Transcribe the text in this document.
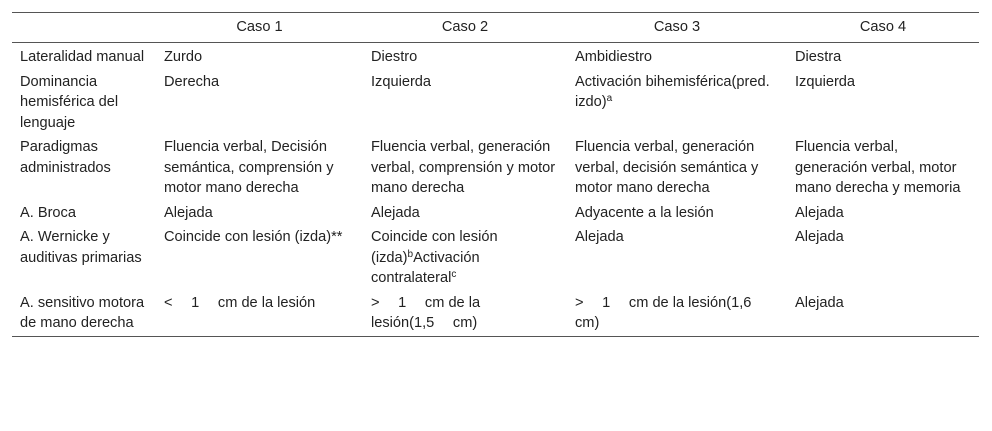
	Caso 1	Caso 2	Caso 3	Caso 4
Lateralidad manual	Zurdo	Diestro	Ambidiestro	Diestra
Dominancia hemisférica del lenguaje	Derecha	Izquierda	Activación bihemisférica(pred. izdo)$^a$	Izquierda
Paradigmas administrados	Fluencia verbal, Decisión semántica, comprensión y motor mano derecha	Fluencia verbal, generación verbal, comprensión y motor mano derecha	Fluencia verbal, generación verbal, decisión semántica y motor mano derecha	Fluencia verbal, generación verbal, motor mano derecha y memoria
A. Broca	Alejada	Alejada	Adyacente a la lesión	Alejada
A. Wernicke y auditivas primarias	Coincide con lesión (izda)**	Coincide con lesión (izda)$^b$Activación contralateral$^c$	Alejada	Alejada
A. sensitivo motora de mano derecha	<  1  cm de la lesión	>  1  cm de la lesión(1,5  cm)	>  1  cm de la lesión(1,6  cm)	Alejada
